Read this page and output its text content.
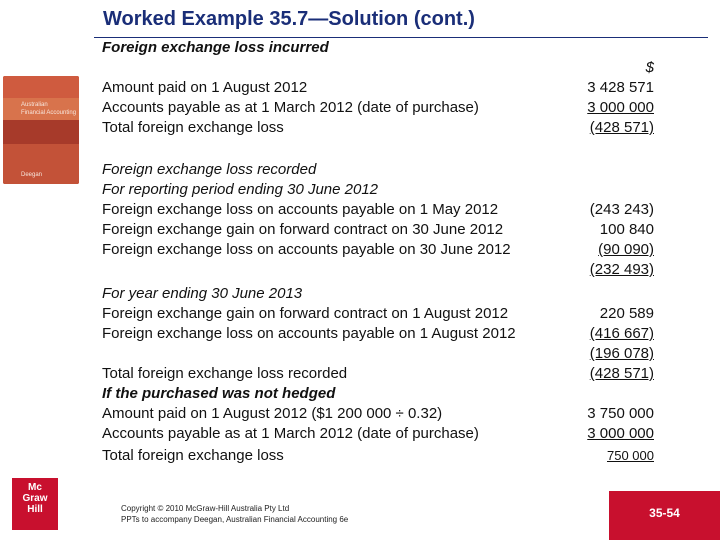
Australian
Financial Accounting
Deegan
Mc
Graw
Hill
Worked Example 35.7—Solution (cont.)
Foreign exchange loss incurred
$
Amount paid on 1 August 2012	3 428 571
Accounts payable as at 1 March 2012 (date of purchase)	3 000 000
Total foreign exchange loss	(428 571)
Foreign exchange loss recorded
For reporting period ending 30 June 2012
Foreign exchange loss on accounts payable on 1 May 2012	(243 243)
Foreign exchange gain on forward contract on 30 June 2012	100 840
Foreign exchange loss on accounts payable on 30 June 2012	(90 090)
(232 493)
For year ending 30 June 2013
Foreign exchange gain on forward contract on 1 August 2012	220 589
Foreign exchange loss on accounts payable on 1 August 2012	(416 667)
(196 078)
Total foreign exchange loss recorded	(428 571)
If the purchased was not hedged
Amount paid on 1 August 2012 ($1 200 000 ÷ 0.32)	3 750 000
Accounts payable as at 1 March 2012 (date of purchase)	3 000 000
Total foreign exchange loss	750 000
Copyright © 2010 McGraw-Hill Australia Pty Ltd
PPTs to accompany Deegan, Australian Financial Accounting 6e	35-54
